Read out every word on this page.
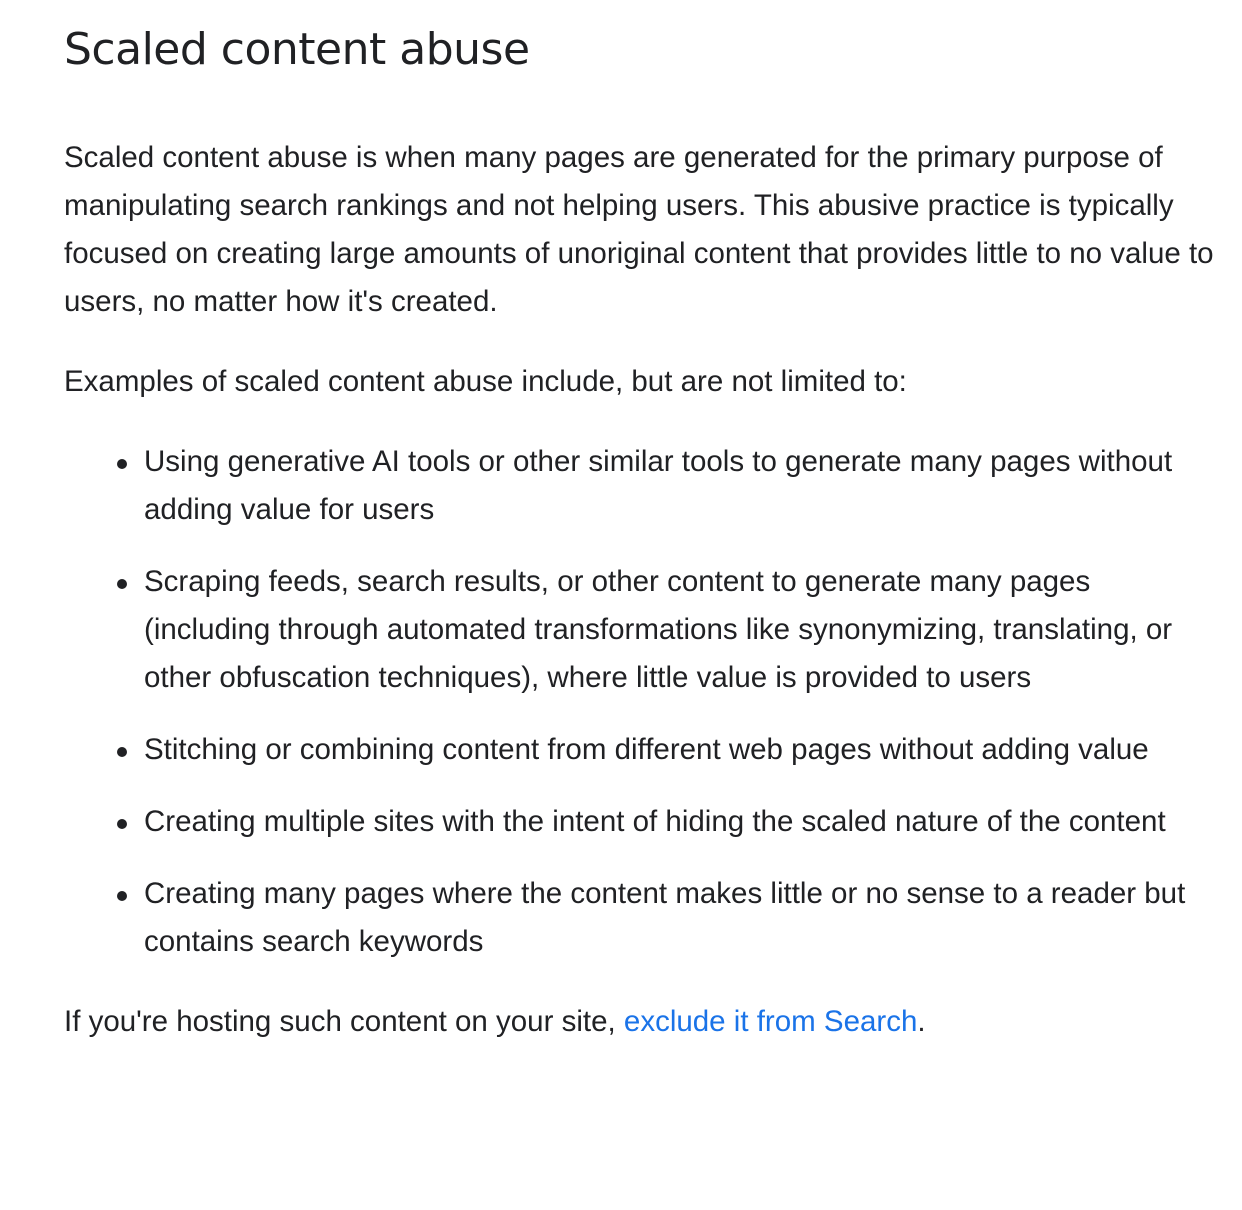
Scaled content abuse

Scaled content abuse is when many pages are generated for the primary purpose of manipulating search rankings and not helping users. This abusive practice is typically focused on creating large amounts of unoriginal content that provides little to no value to users, no matter how it's created.

Examples of scaled content abuse include, but are not limited to:

Using generative AI tools or other similar tools to generate many pages without adding value for users
Scraping feeds, search results, or other content to generate many pages (including through automated transformations like synonymizing, translating, or other obfuscation techniques), where little value is provided to users
Stitching or combining content from different web pages without adding value
Creating multiple sites with the intent of hiding the scaled nature of the content
Creating many pages where the content makes little or no sense to a reader but contains search keywords

If you're hosting such content on your site, exclude it from Search.
